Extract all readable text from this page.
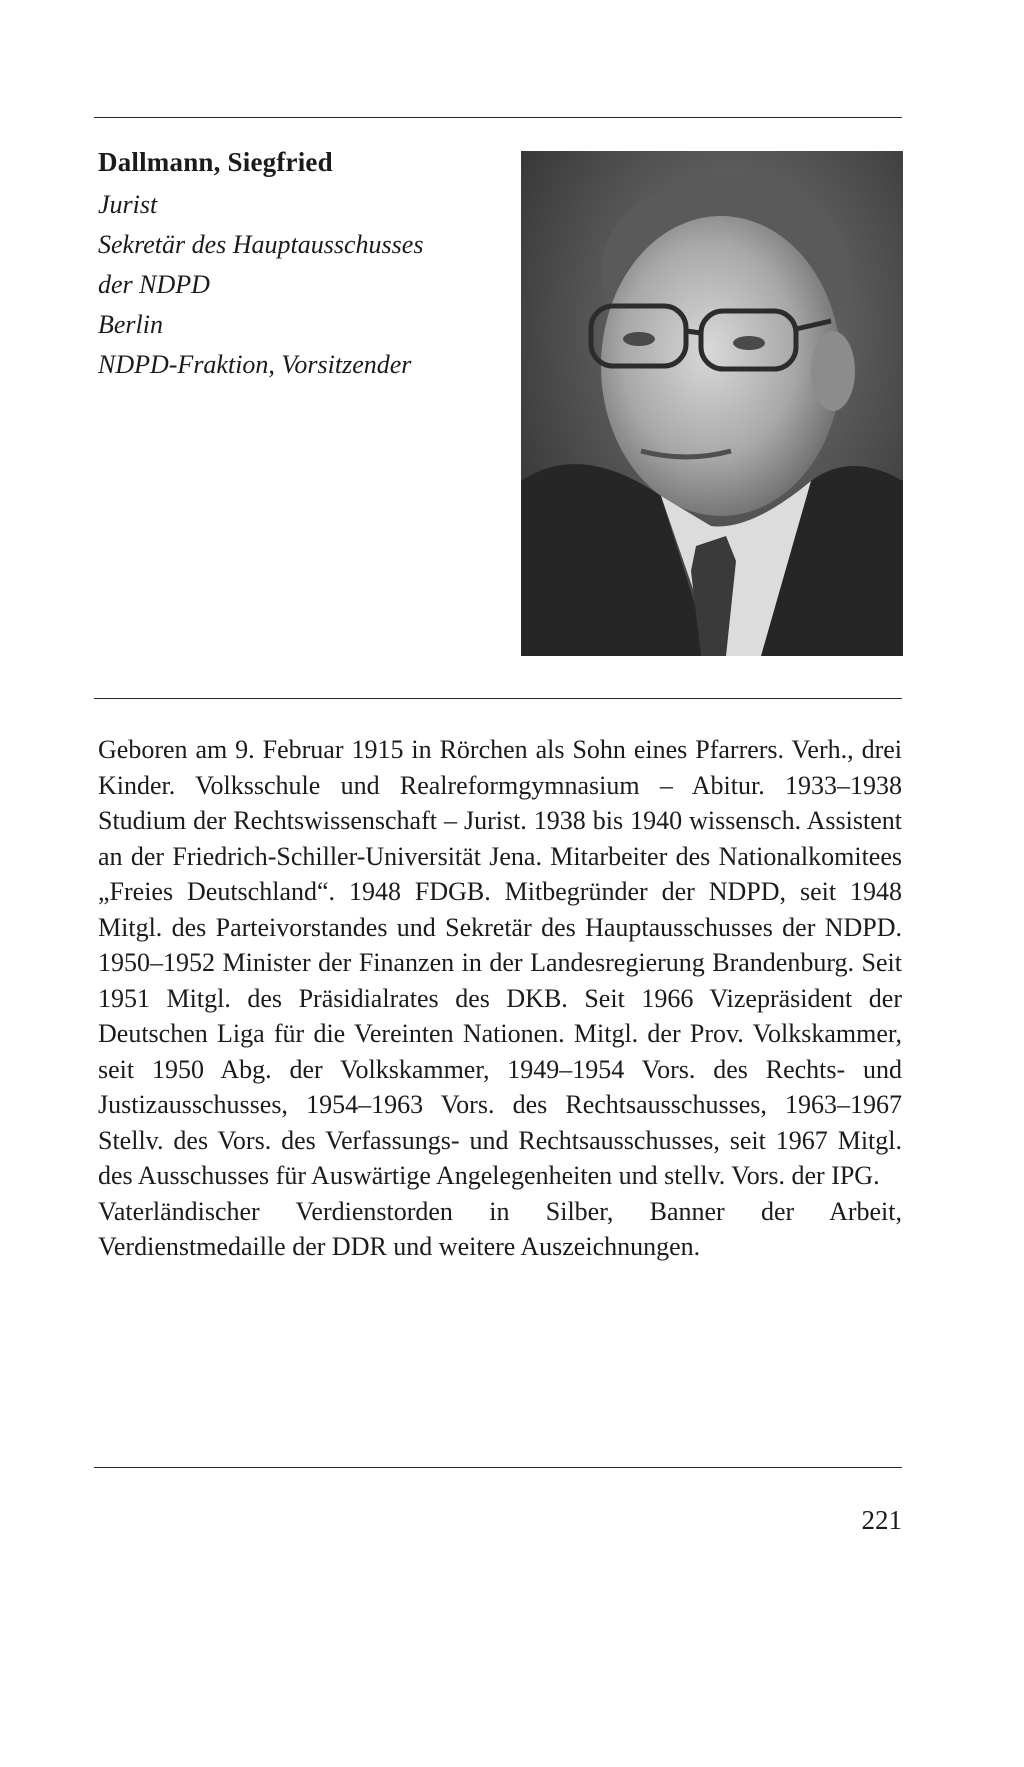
Dallmann, Siegfried
Jurist
Sekretär des Hauptausschusses
der NDPD
Berlin
NDPD-Fraktion, Vorsitzender

Geboren am 9. Februar 1915 in Rörchen als Sohn eines Pfarrers. Verh., drei Kinder. Volksschule und Realreformgymnasium – Abitur. 1933–1938 Studium der Rechtswissenschaft – Jurist. 1938 bis 1940 wissensch. Assistent an der Friedrich-Schiller-Universität Jena. Mitarbeiter des Nationalkomitees „Freies Deutschland“. 1948 FDGB. Mitbegründer der NDPD, seit 1948 Mitgl. des Parteivorstandes und Sekretär des Hauptausschusses der NDPD. 1950–1952 Minister der Finanzen in der Landesregierung Brandenburg. Seit 1951 Mitgl. des Präsidialrates des DKB. Seit 1966 Vizepräsident der Deutschen Liga für die Vereinten Nationen. Mitgl. der Prov. Volkskammer, seit 1950 Abg. der Volkskammer, 1949–1954 Vors. des Rechts- und Justizausschusses, 1954–1963 Vors. des Rechtsausschusses, 1963–1967 Stellv. des Vors. des Verfassungs- und Rechtsausschusses, seit 1967 Mitgl. des Ausschusses für Auswärtige Angelegenheiten und stellv. Vors. der IPG.

Vaterländischer Verdienstorden in Silber, Banner der Arbeit, Verdienstmedaille der DDR und weitere Auszeichnungen.

221
